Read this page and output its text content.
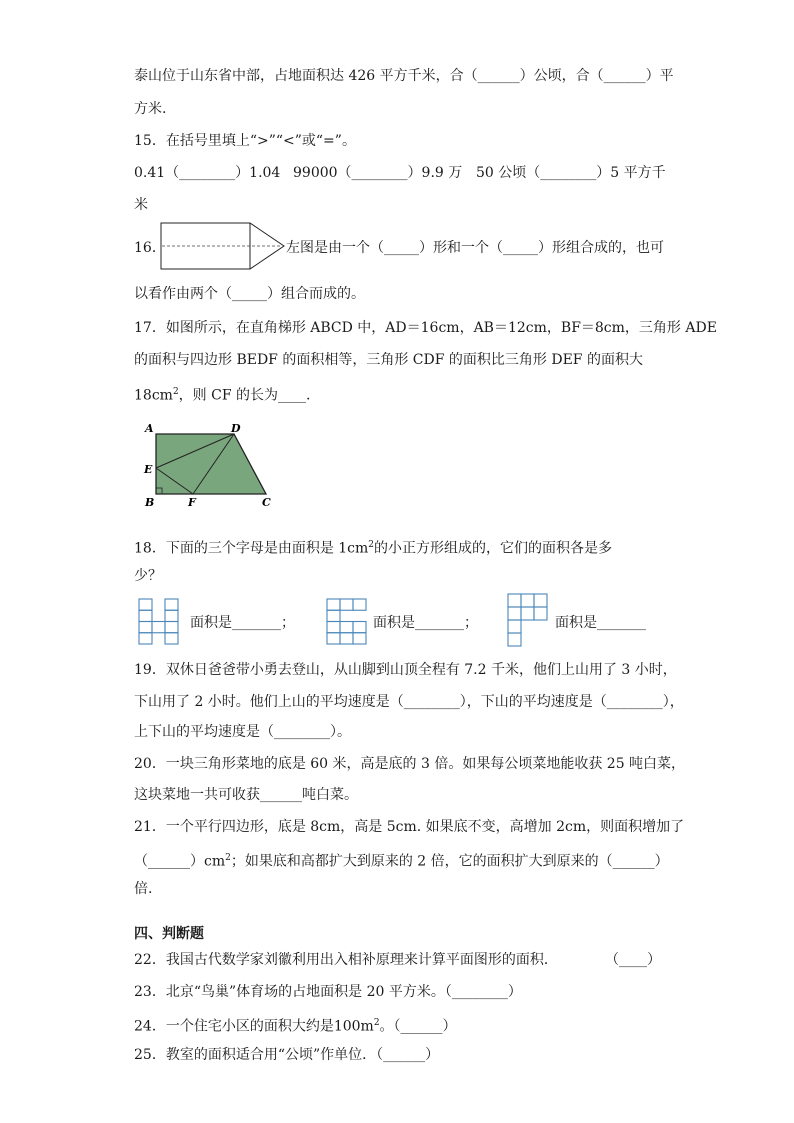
泰山位于山东省中部，占地面积达 426 平方千米，合（______）公顷，合（______）平
方米.
15．在括号里填上“>”“<”或“=”。
0.41（________）1.04 99000（________）9.9 万 50 公顷（________）5 平方千
米
16．	左图是由一个（_____）形和一个（_____）形组合成的，也可
以看作由两个（_____）组合而成的。
17．如图所示，在直角梯形 ABCD 中，AD＝16cm，AB＝12cm，BF＝8cm，三角形 ADE
的面积与四边形 BEDF 的面积相等，三角形 CDF 的面积比三角形 DEF 的面积大
$18cm^2$，则 CF 的长为____.
A	D
E
B	F	C
18．下面的三个字母是由面积是 $1cm^2$的小正方形组成的，它们的面积各是多
少？
面积是_______；	面积是_______；	面积是_______
19．双休日爸爸带小勇去登山，从山脚到山顶全程有 7.2 千米，他们上山用了 3 小时，
下山用了 2 小时。他们上山的平均速度是（________），下山的平均速度是（________），
上下山的平均速度是（________）。
20．一块三角形菜地的底是 60 米，高是底的 3 倍。如果每公顷菜地能收获 25 吨白菜，
这块菜地一共可收获______吨白菜。
21．一个平行四边形，底是 8cm，高是 5cm. 如果底不变，高增加 2cm，则面积增加了
$(\_\_\_\_\_\_)cm^2$；如果底和高都扩大到原来的 2 倍，它的面积扩大到原来的（______）
倍.
四、判断题
22．我国古代数学家刘徽利用出入相补原理来计算平面图形的面积．	（____）
23．北京“鸟巢”体育场的占地面积是 20 平方米。（________）
24．一个住宅小区的面积大约是$100m^2$。（______）
25．教室的面积适合用“公顷”作单位．（______）
